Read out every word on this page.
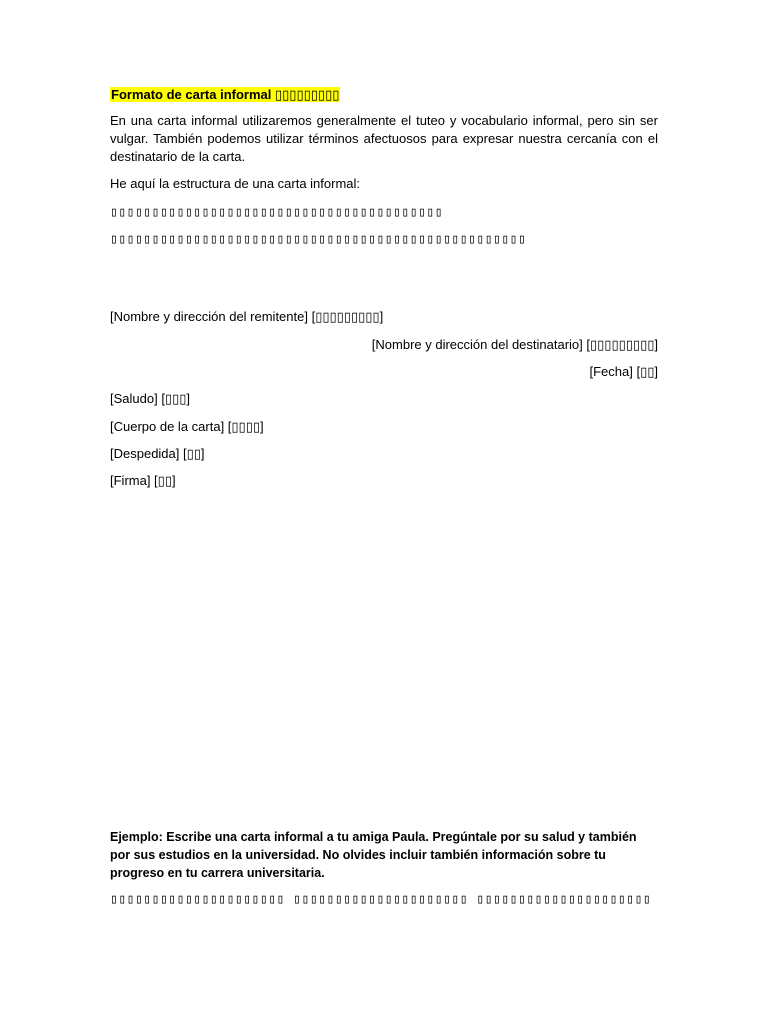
Formato de carta informal ▯▯▯▯▯▯▯▯▯

En una carta informal utilizaremos generalmente el tuteo y vocabulario informal, pero sin ser vulgar. También podemos utilizar términos afectuosos para expresar nuestra cercanía con el destinatario de la carta.

He aquí la estructura de una carta informal:

▯▯▯▯▯▯▯▯▯▯▯▯▯▯▯▯▯▯▯▯▯▯▯▯▯▯▯▯▯▯▯▯▯▯▯▯▯▯▯▯ ▯▯▯▯▯▯▯▯▯▯▯▯▯▯▯▯▯▯▯▯▯▯▯▯▯▯▯▯▯▯▯▯▯▯▯▯▯▯▯▯▯▯▯▯▯▯▯▯▯▯

[Nombre y dirección del remitente] [▯▯▯▯▯▯▯▯▯]
[Nombre y dirección del destinatario] [▯▯▯▯▯▯▯▯▯]
[Fecha] [▯▯]
[Saludo] [▯▯▯]
[Cuerpo de la carta] [▯▯▯▯]
[Despedida] [▯▯]
[Firma] [▯▯]

Ejemplo: Escribe una carta informal a tu amiga Paula. Pregúntale por su salud y también por sus estudios en la universidad. No olvides incluir también información sobre tu progreso en tu carrera universitaria.

▯▯▯▯▯▯▯▯▯▯▯▯▯▯▯▯▯▯▯▯▯ ▯▯▯▯▯▯▯▯▯▯▯▯▯▯▯▯▯▯▯▯▯ ▯▯▯▯▯▯▯▯▯▯▯▯▯▯▯▯▯▯▯▯▯
